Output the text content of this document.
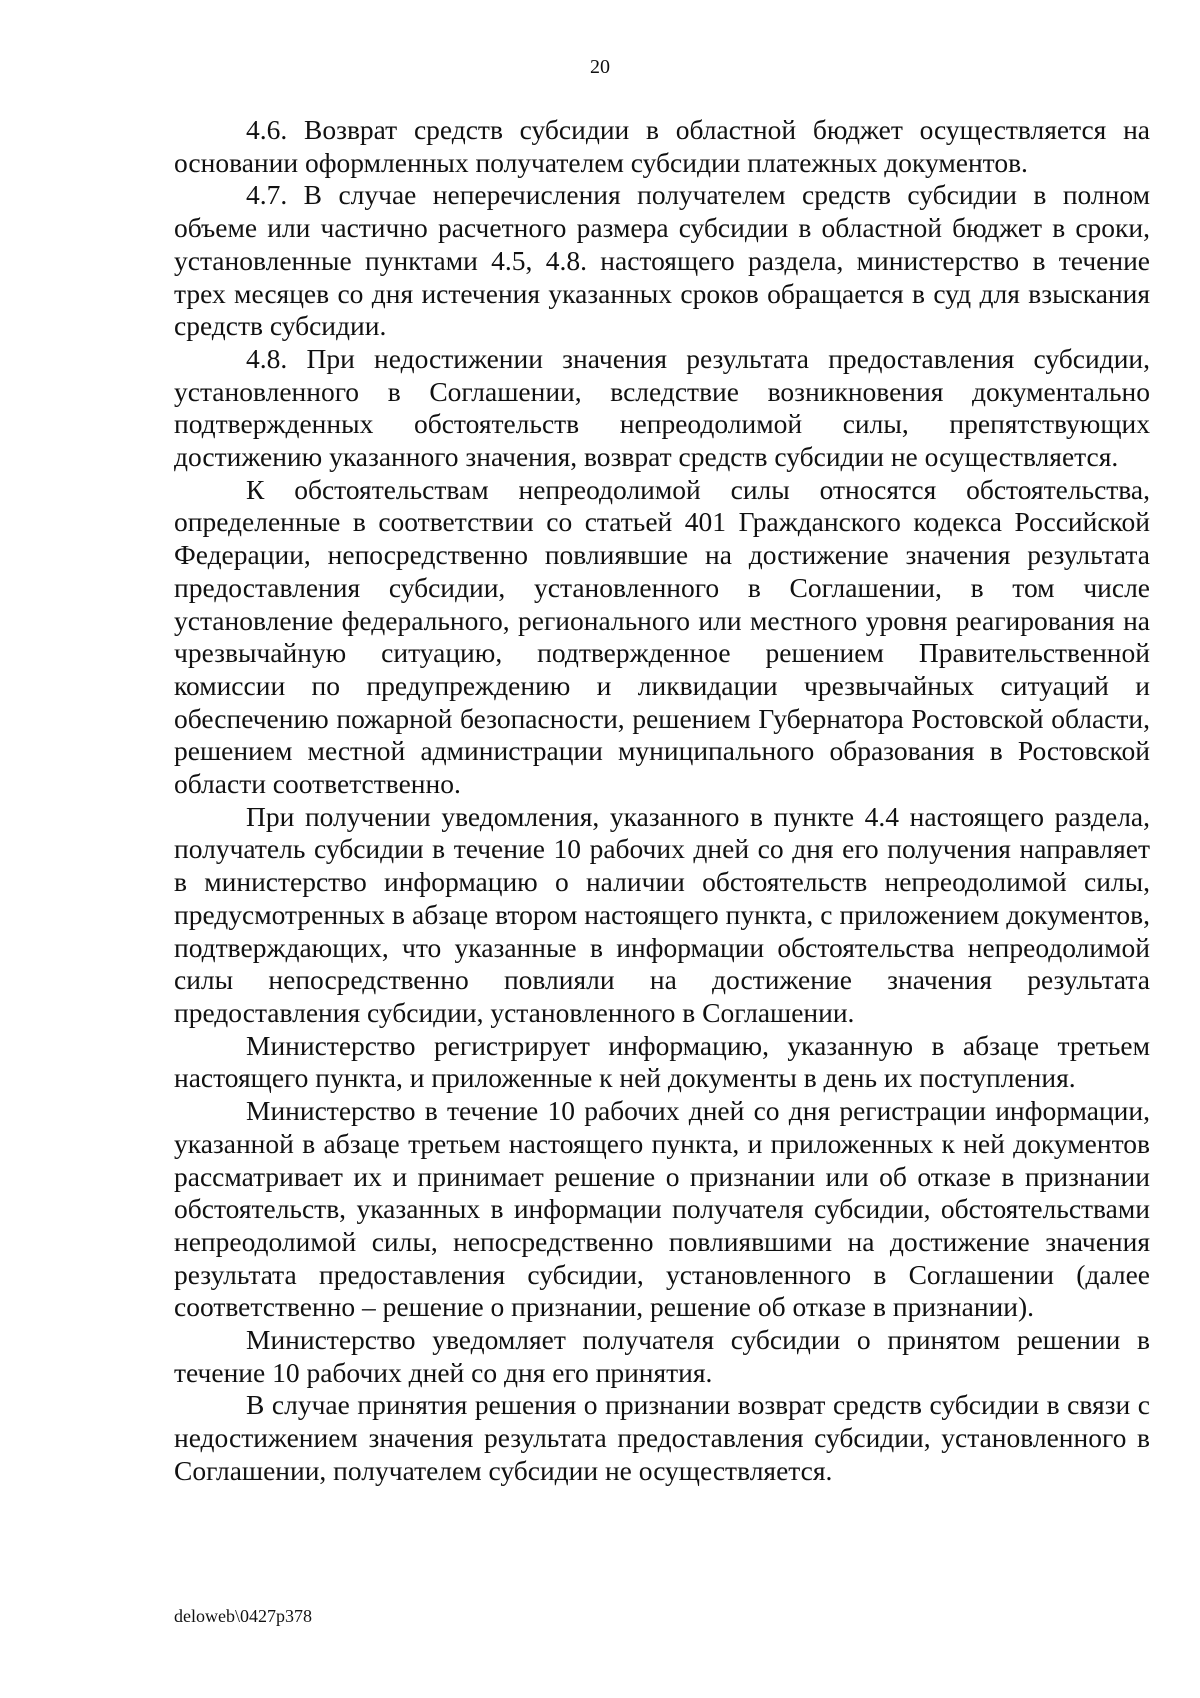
20

4.6. Возврат средств субсидии в областной бюджет осуществляется на основании оформленных получателем субсидии платежных документов.

4.7. В случае неперечисления получателем средств субсидии в полном объеме или частично расчетного размера субсидии в областной бюджет в сроки, установленные пунктами 4.5, 4.8. настоящего раздела, министерство в течение трех месяцев со дня истечения указанных сроков обращается в суд для взыскания средств субсидии.

4.8. При недостижении значения результата предоставления субсидии, установленного в Соглашении, вследствие возникновения документально подтвержденных обстоятельств непреодолимой силы, препятствующих достижению указанного значения, возврат средств субсидии не осуществляется.

К обстоятельствам непреодолимой силы относятся обстоятельства, определенные в соответствии со статьей 401 Гражданского кодекса Российской Федерации, непосредственно повлиявшие на достижение значения результата предоставления субсидии, установленного в Соглашении, в том числе установление федерального, регионального или местного уровня реагирования на чрезвычайную ситуацию, подтвержденное решением Правительственной комиссии по предупреждению и ликвидации чрезвычайных ситуаций и обеспечению пожарной безопасности, решением Губернатора Ростовской области, решением местной администрации муниципального образования в Ростовской области соответственно.

При получении уведомления, указанного в пункте 4.4 настоящего раздела, получатель субсидии в течение 10 рабочих дней со дня его получения направляет в министерство информацию о наличии обстоятельств непреодолимой силы, предусмотренных в абзаце втором настоящего пункта, с приложением документов, подтверждающих, что указанные в информации обстоятельства непреодолимой силы непосредственно повлияли на достижение значения результата предоставления субсидии, установленного в Соглашении.

Министерство регистрирует информацию, указанную в абзаце третьем настоящего пункта, и приложенные к ней документы в день их поступления.

Министерство в течение 10 рабочих дней со дня регистрации информации, указанной в абзаце третьем настоящего пункта, и приложенных к ней документов рассматривает их и принимает решение о признании или об отказе в признании обстоятельств, указанных в информации получателя субсидии, обстоятельствами непреодолимой силы, непосредственно повлиявшими на достижение значения результата предоставления субсидии, установленного в Соглашении (далее соответственно – решение о признании, решение об отказе в признании).

Министерство уведомляет получателя субсидии о принятом решении в течение 10 рабочих дней со дня его принятия.

В случае принятия решения о признании возврат средств субсидии в связи с недостижением значения результата предоставления субсидии, установленного в Соглашении, получателем субсидии не осуществляется.

deloweb\0427p378
